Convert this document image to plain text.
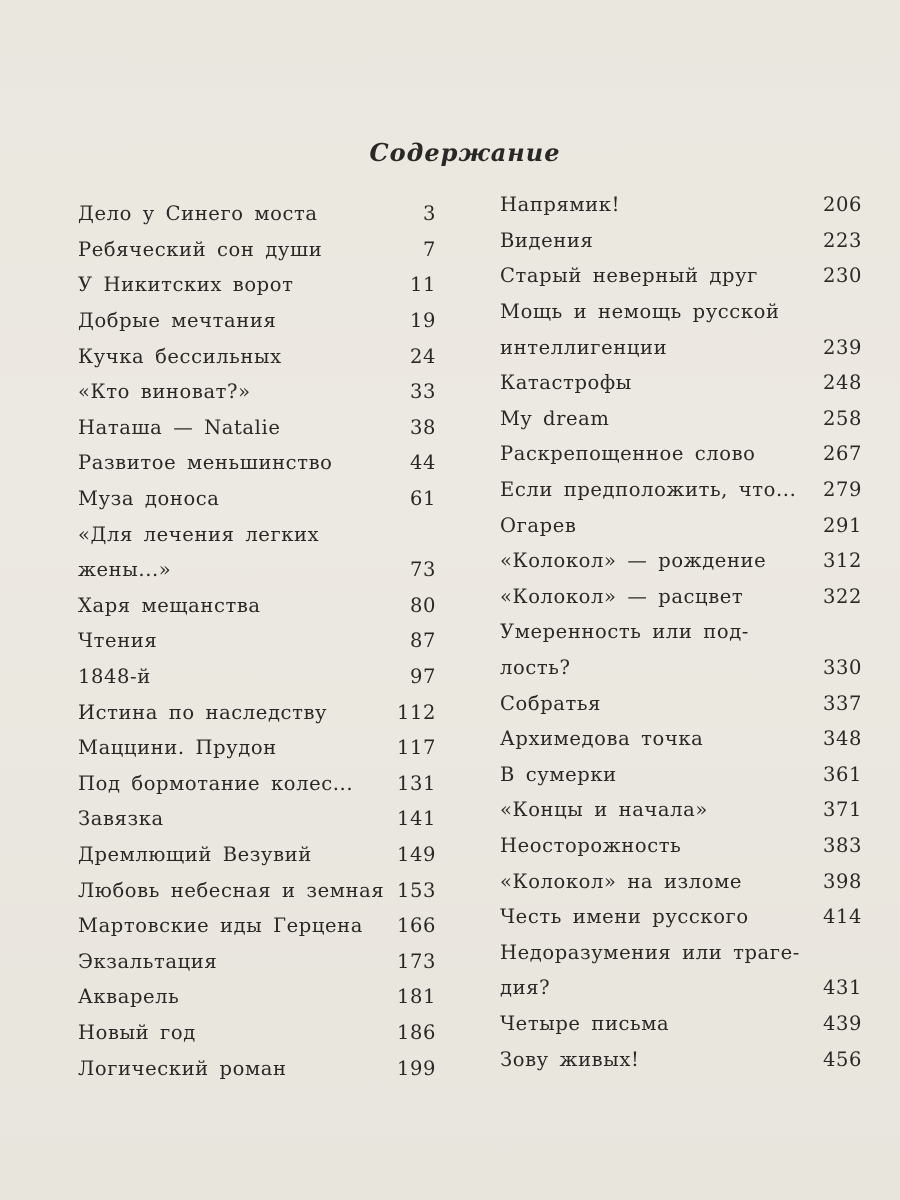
Содержание
Дело у Синего моста	3
Ребяческий сон души	7
У Никитских ворот	11
Добрые мечтания	19
Кучка бессильных	24
«Кто виноват?»	33
Наташа — Natalie	38
Развитое меньшинство	44
Муза доноса	61
«Для лечения легких
жены...»	73
Харя мещанства	80
Чтения	87
1848-й	97
Истина по наследству	112
Маццини. Прудон	117
Под бормотание колес... 131
Завязка	141
Дремлющий Везувий	149
Любовь небесная и земная 153
Мартовские иды Герцена 166
Экзальтация	173
Акварель	181
Новый год	186
Логический роман	199
Напрямик!	206
Видения	223
Старый неверный друг	230
Мощь и немощь русской
интеллигенции	239
Катастрофы	248
My dream	258
Раскрепощенное слово	267
Если предположить, что... 279
Огарев	291
«Колокол» — рождение	312
«Колокол» — расцвет	322
Умеренность или под-
лость?	330
Собратья	337
Архимедова точка	348
В сумерки	361
«Концы и начала»	371
Неосторожность	383
«Колокол» на изломе	398
Честь имени русского	414
Недоразумения или траге-
дия?	431
Четыре письма	439
Зову живых!	456
